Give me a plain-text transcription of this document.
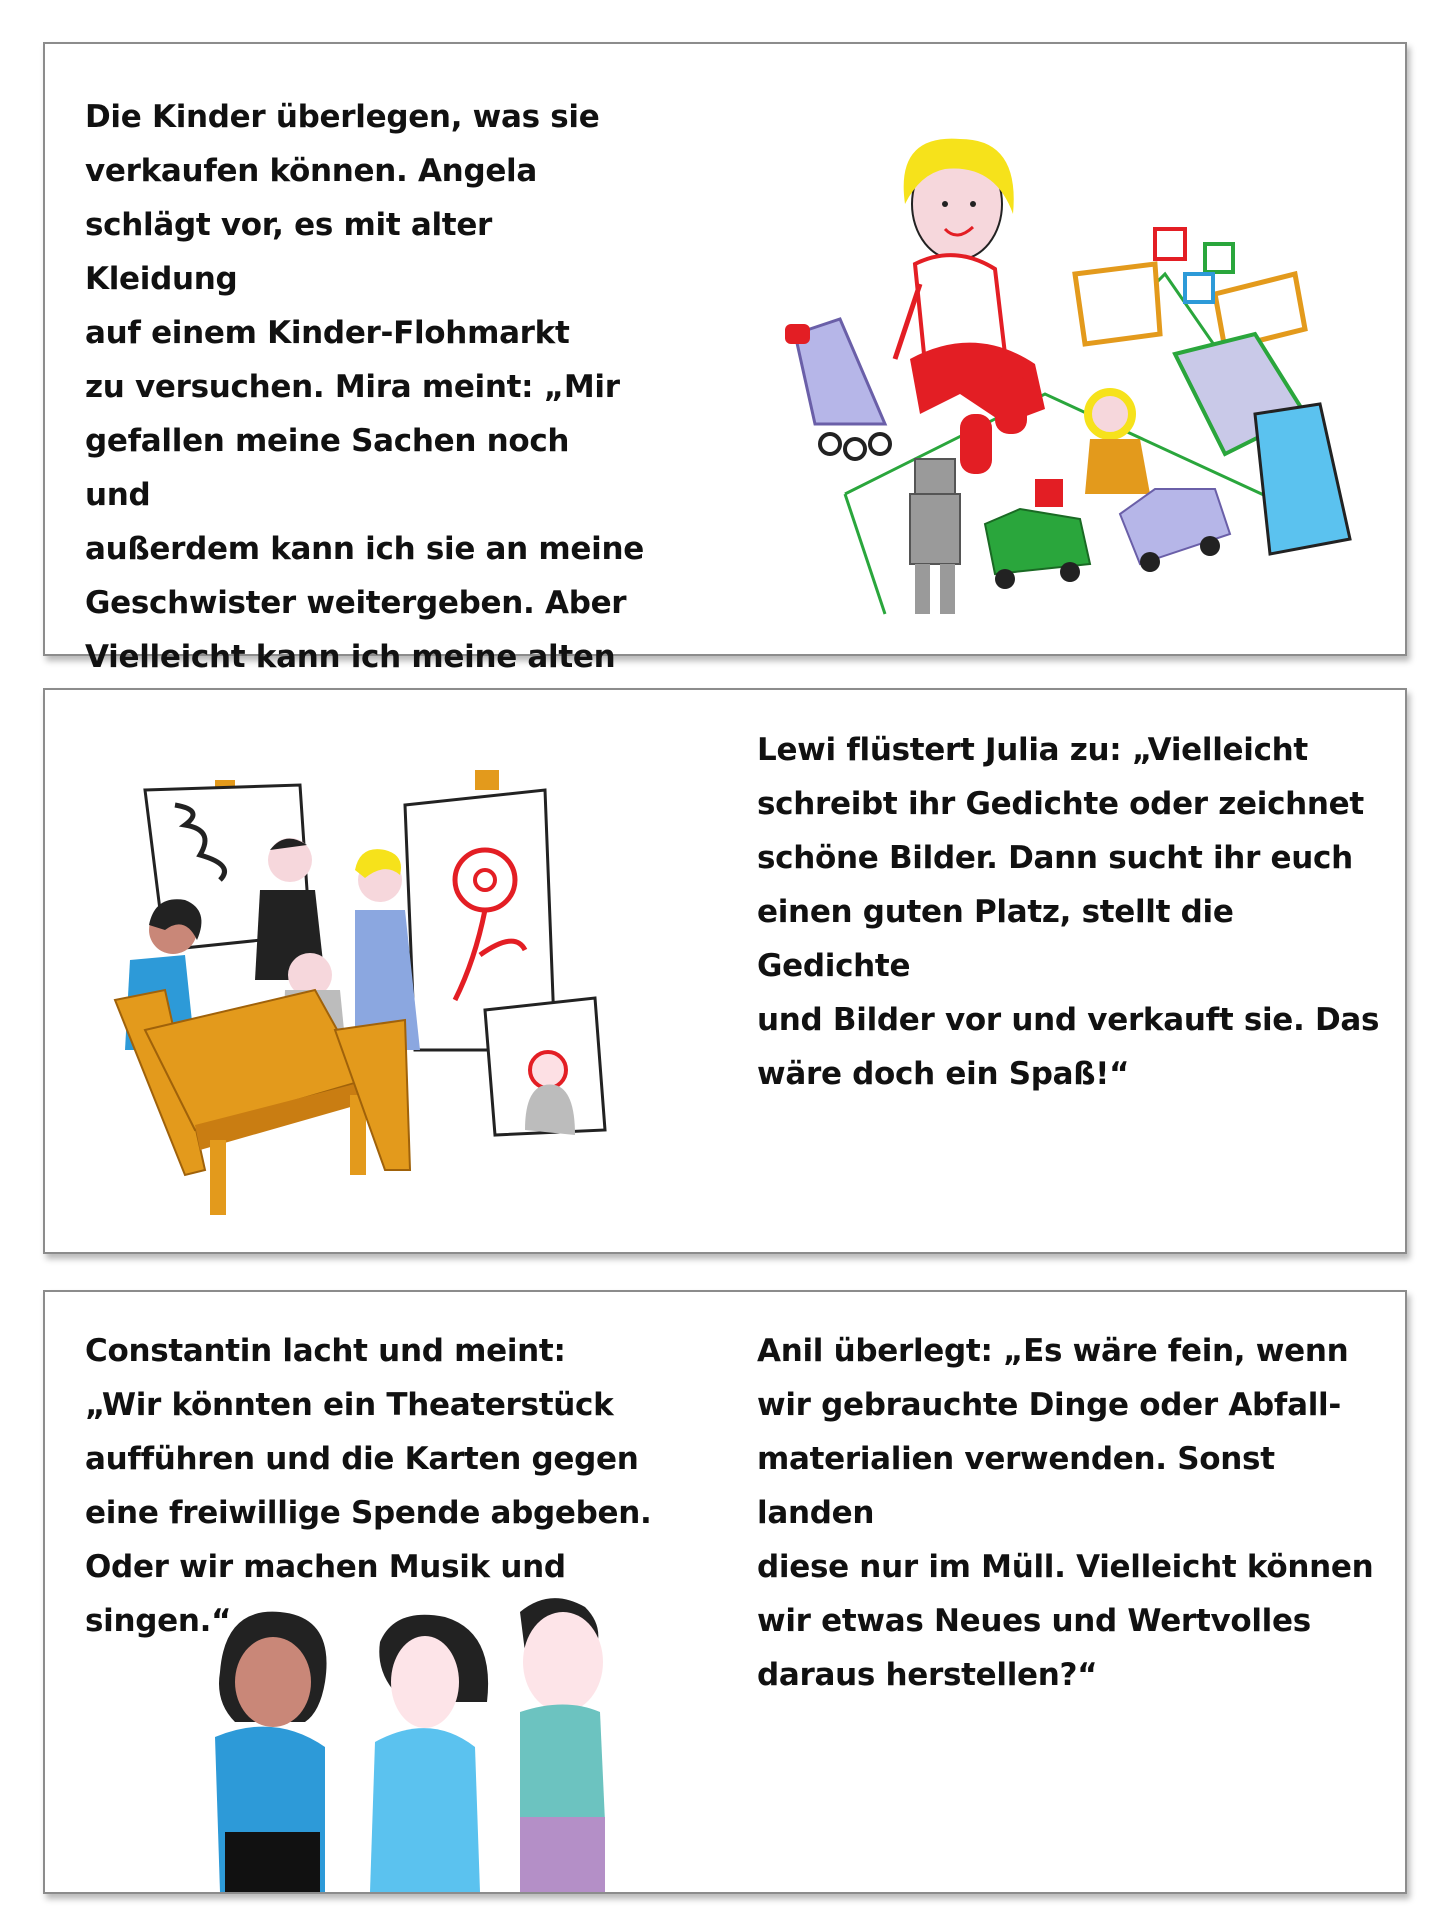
Die Kinder überlegen, was sie
verkaufen können. Angela
schlägt vor, es mit alter Kleidung
auf einem Kinder-Flohmarkt
zu versuchen. Mira meint: „Mir
gefallen meine Sachen noch und
außerdem kann ich sie an meine
Geschwister weitergeben. Aber
Vielleicht kann ich meine alten

Lewi flüstert Julia zu: „Vielleicht
schreibt ihr Gedichte oder zeichnet
schöne Bilder. Dann sucht ihr euch
einen guten Platz, stellt die Gedichte
und Bilder vor und verkauft sie. Das
wäre doch ein Spaß!“

Constantin lacht und meint:
„Wir könnten ein Theaterstück
aufführen und die Karten gegen
eine freiwillige Spende abgeben.
Oder wir machen Musik und
singen.“

Anil überlegt: „Es wäre fein, wenn
wir gebrauchte Dinge oder Abfall-
materialien verwenden. Sonst landen
diese nur im Müll. Vielleicht können
wir etwas Neues und Wertvolles
daraus herstellen?“
